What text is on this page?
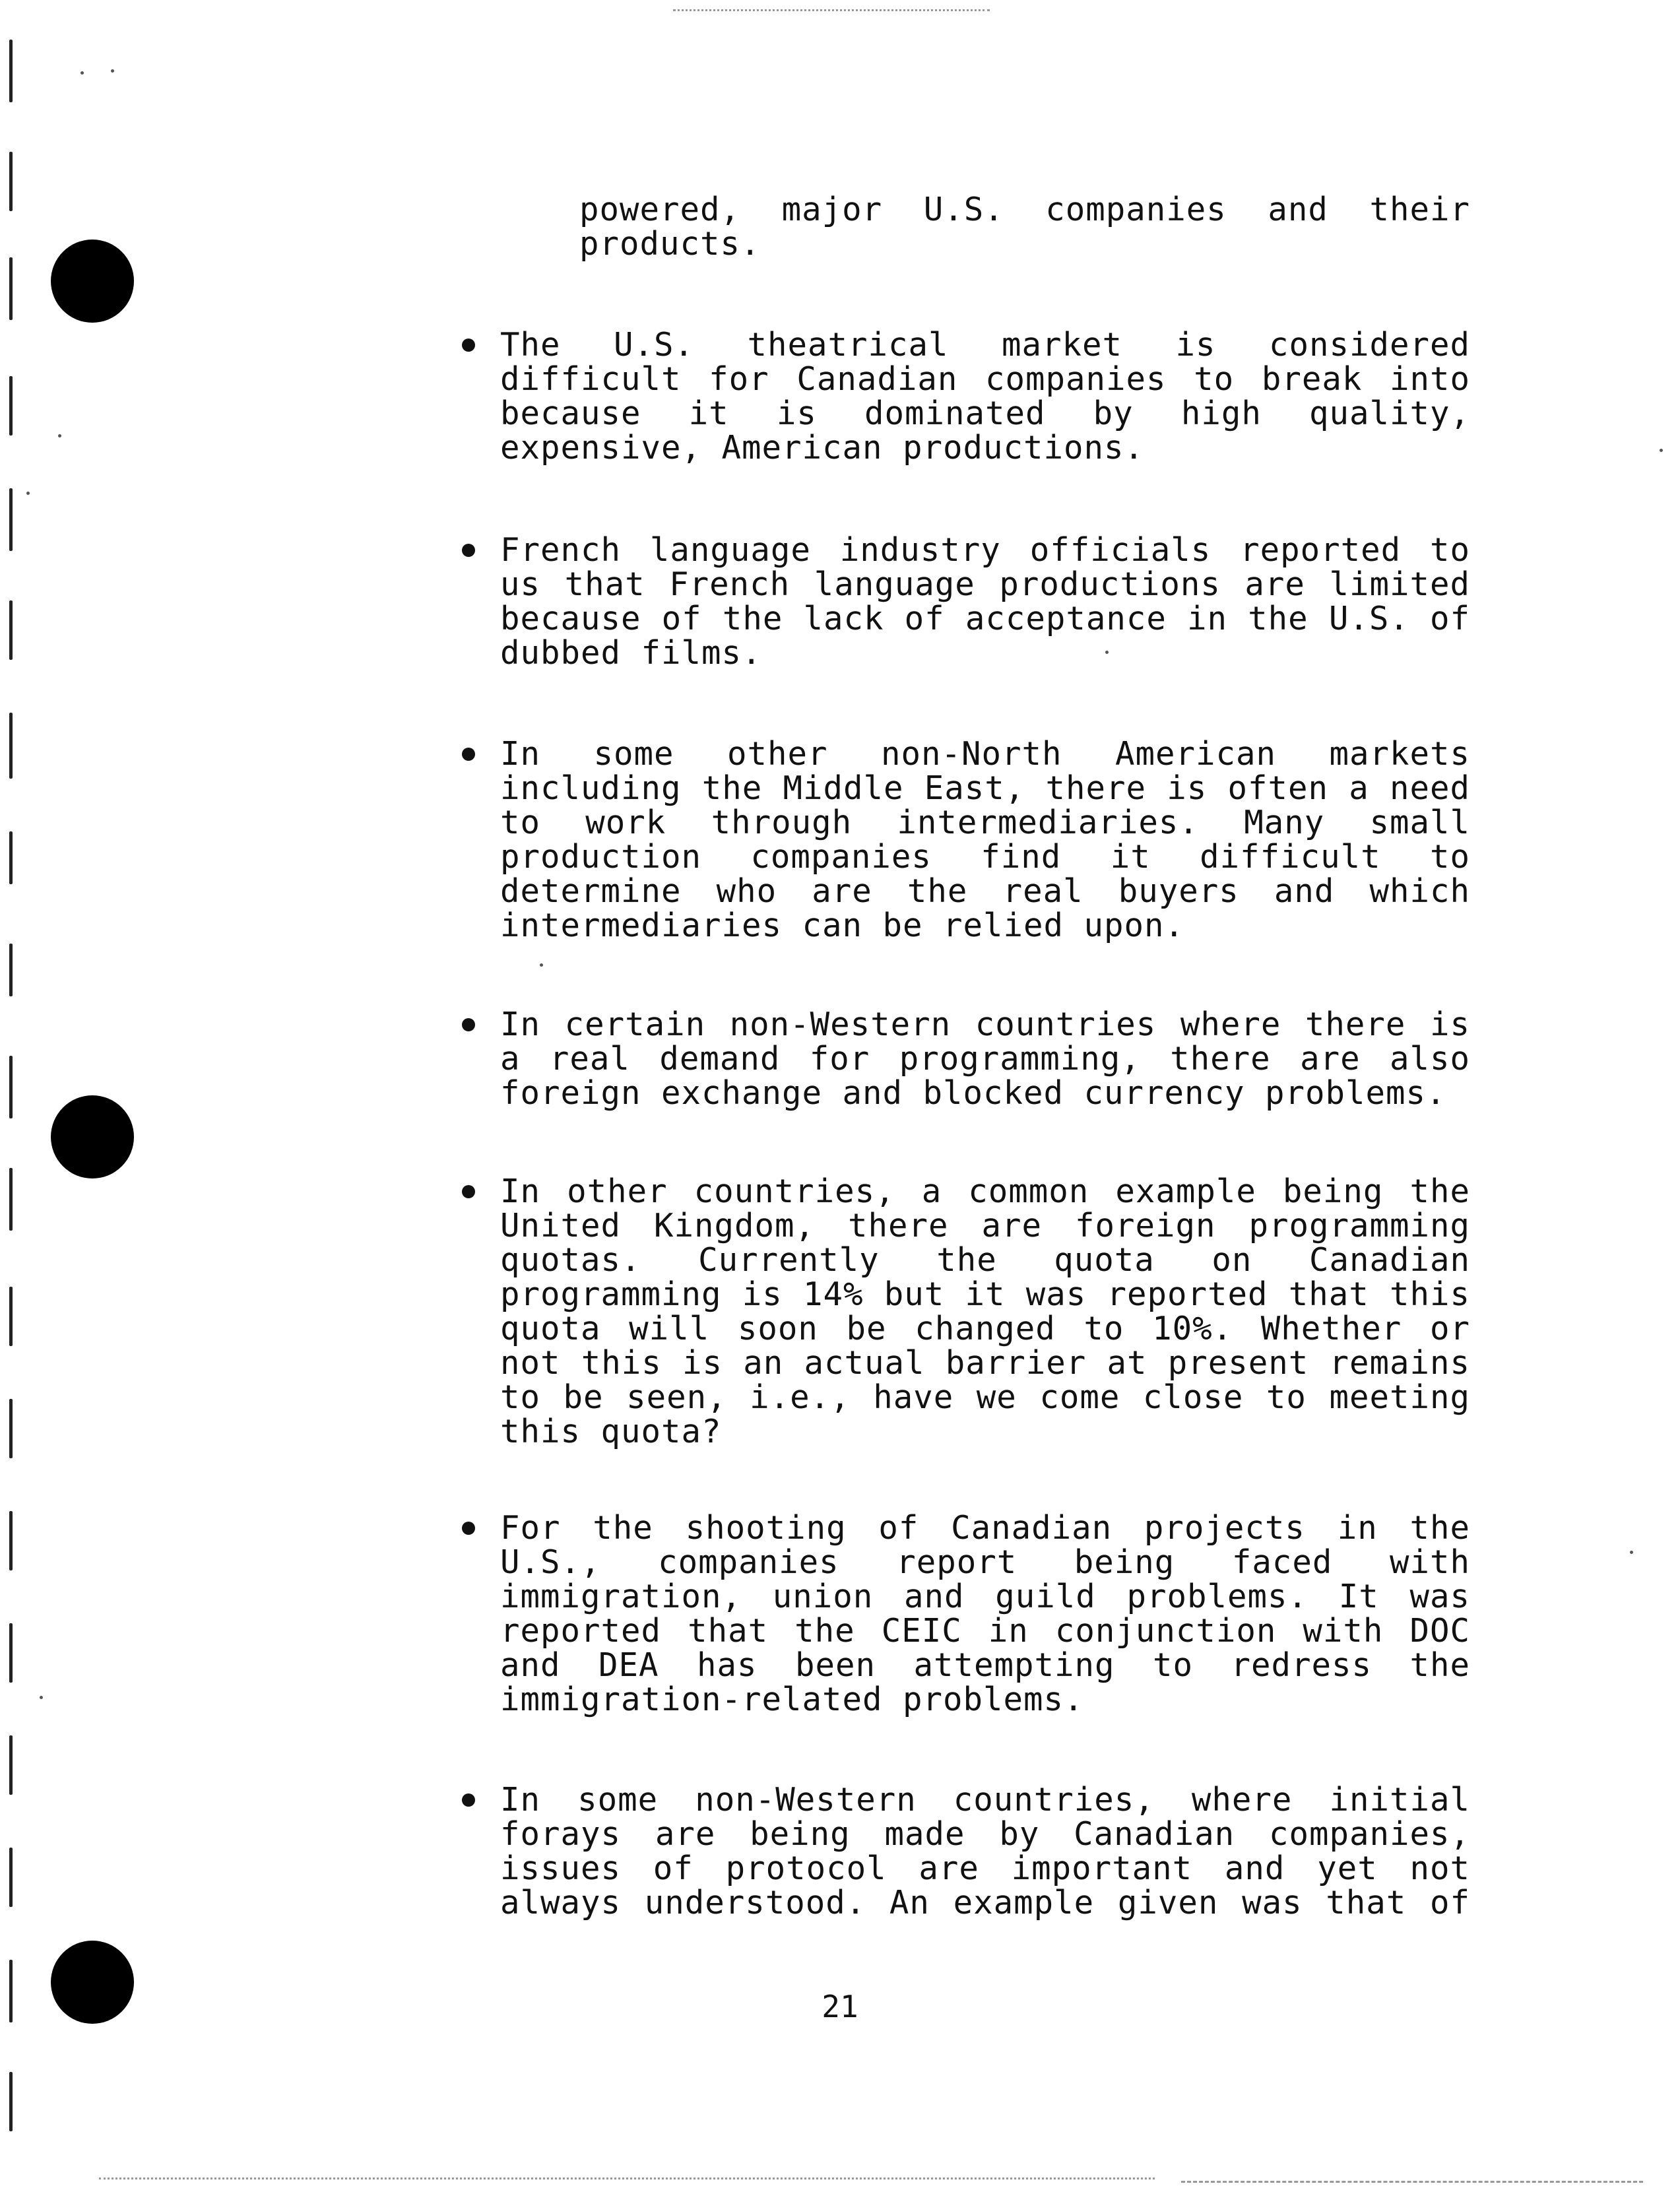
powered, major U.S. companies and their
products.
The U.S. theatrical market is considered
difficult for Canadian companies to break into
because it is dominated by high quality,
expensive, American productions.
French language industry officials reported to
us that French language productions are limited
because of the lack of acceptance in the U.S. of
dubbed films.
In some other non-North American markets
including the Middle East, there is often a need
to work through intermediaries. Many small
production companies find it difficult to
determine who are the real buyers and which
intermediaries can be relied upon.
In certain non-Western countries where there is
a real demand for programming, there are also
foreign exchange and blocked currency problems.
In other countries, a common example being the
United Kingdom, there are foreign programming
quotas. Currently the quota on Canadian
programming is 14% but it was reported that this
quota will soon be changed to 10%. Whether or
not this is an actual barrier at present remains
to be seen, i.e., have we come close to meeting
this quota?
For the shooting of Canadian projects in the
U.S., companies report being faced with
immigration, union and guild problems. It was
reported that the CEIC in conjunction with DOC
and DEA has been attempting to redress the
immigration-related problems.
In some non-Western countries, where initial
forays are being made by Canadian companies,
issues of protocol are important and yet not
always understood. An example given was that of
21
